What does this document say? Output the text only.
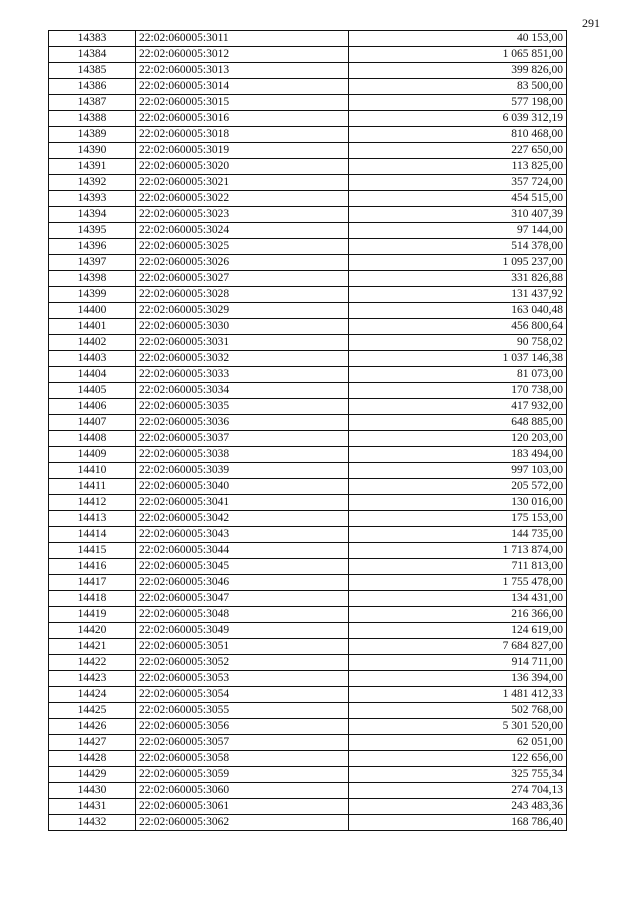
291
14383	22:02:060005:3011	40 153,00
14384	22:02:060005:3012	1 065 851,00
14385	22:02:060005:3013	399 826,00
14386	22:02:060005:3014	83 500,00
14387	22:02:060005:3015	577 198,00
14388	22:02:060005:3016	6 039 312,19
14389	22:02:060005:3018	810 468,00
14390	22:02:060005:3019	227 650,00
14391	22:02:060005:3020	113 825,00
14392	22:02:060005:3021	357 724,00
14393	22:02:060005:3022	454 515,00
14394	22:02:060005:3023	310 407,39
14395	22:02:060005:3024	97 144,00
14396	22:02:060005:3025	514 378,00
14397	22:02:060005:3026	1 095 237,00
14398	22:02:060005:3027	331 826,88
14399	22:02:060005:3028	131 437,92
14400	22:02:060005:3029	163 040,48
14401	22:02:060005:3030	456 800,64
14402	22:02:060005:3031	90 758,02
14403	22:02:060005:3032	1 037 146,38
14404	22:02:060005:3033	81 073,00
14405	22:02:060005:3034	170 738,00
14406	22:02:060005:3035	417 932,00
14407	22:02:060005:3036	648 885,00
14408	22:02:060005:3037	120 203,00
14409	22:02:060005:3038	183 494,00
14410	22:02:060005:3039	997 103,00
14411	22:02:060005:3040	205 572,00
14412	22:02:060005:3041	130 016,00
14413	22:02:060005:3042	175 153,00
14414	22:02:060005:3043	144 735,00
14415	22:02:060005:3044	1 713 874,00
14416	22:02:060005:3045	711 813,00
14417	22:02:060005:3046	1 755 478,00
14418	22:02:060005:3047	134 431,00
14419	22:02:060005:3048	216 366,00
14420	22:02:060005:3049	124 619,00
14421	22:02:060005:3051	7 684 827,00
14422	22:02:060005:3052	914 711,00
14423	22:02:060005:3053	136 394,00
14424	22:02:060005:3054	1 481 412,33
14425	22:02:060005:3055	502 768,00
14426	22:02:060005:3056	5 301 520,00
14427	22:02:060005:3057	62 051,00
14428	22:02:060005:3058	122 656,00
14429	22:02:060005:3059	325 755,34
14430	22:02:060005:3060	274 704,13
14431	22:02:060005:3061	243 483,36
14432	22:02:060005:3062	168 786,40
